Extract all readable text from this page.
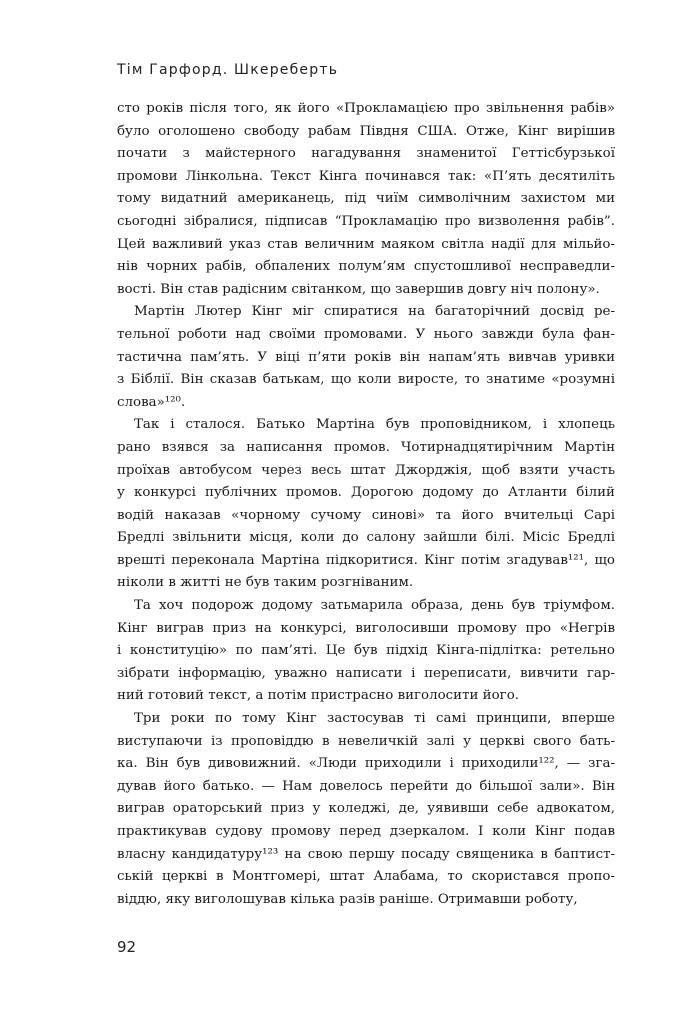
Тім Гарфорд. Шкереберть
сто років після того, як його «Прокламацією про звільнення рабів»
було оголошено свободу рабам Півдня США. Отже, Кінг вирішив
почати з майстерного нагадування знаменитої Геттісбурзької
промови Лінкольна. Текст Кінга починався так: «П’ять десятиліть
тому видатний американець, під чиїм символічним захистом ми
сьогодні зібралися, підписав “Прокламацію про визволення рабів”.
Цей важливий указ став величним маяком світла надії для мільйо-
нів чорних рабів, обпалених полум’ям спустошливої несправедли-
вості. Він став радісним світанком, що завершив довгу ніч полону».
Мартін Лютер Кінг міг спиратися на багаторічний досвід ре-
тельної роботи над своїми промовами. У нього завжди була фан-
тастична пам’ять. У віці п’яти років він напам’ять вивчав уривки
з Біблії. Він сказав батькам, що коли виросте, то знатиме «розумні
слова»¹²⁰.
Так і сталося. Батько Мартіна був проповідником, і хлопець
рано взявся за написання промов. Чотирнадцятирічним Мартін
проїхав автобусом через весь штат Джорджія, щоб взяти участь
у конкурсі публічних промов. Дорогою додому до Атланти білий
водій наказав «чорному сучому синові» та його вчительці Сарі
Бредлі звільнити місця, коли до салону зайшли білі. Місіс Бредлі
врешті переконала Мартіна підкоритися. Кінг потім згадував¹²¹, що
ніколи в житті не був таким розгніваним.
Та хоч подорож додому затьмарила образа, день був тріумфом.
Кінг виграв приз на конкурсі, виголосивши промову про «Негрів
і конституцію» по пам’яті. Це був підхід Кінга-підлітка: ретельно
зібрати інформацію, уважно написати і переписати, вивчити гар-
ний готовий текст, а потім пристрасно виголосити його.
Три роки по тому Кінг застосував ті самі принципи, вперше
виступаючи із проповіддю в невеличкій залі у церкві свого бать-
ка. Він був дивовижний. «Люди приходили і приходили¹²², — зга-
дував його батько. — Нам довелось перейти до більшої зали». Він
виграв ораторський приз у коледжі, де, уявивши себе адвокатом,
практикував судову промову перед дзеркалом. І коли Кінг подав
власну кандидатуру¹²³ на свою першу посаду священика в баптист-
ській церкві в Монтгомері, штат Алабама, то скористався пропо-
віддю, яку виголошував кілька разів раніше. Отримавши роботу,
92
